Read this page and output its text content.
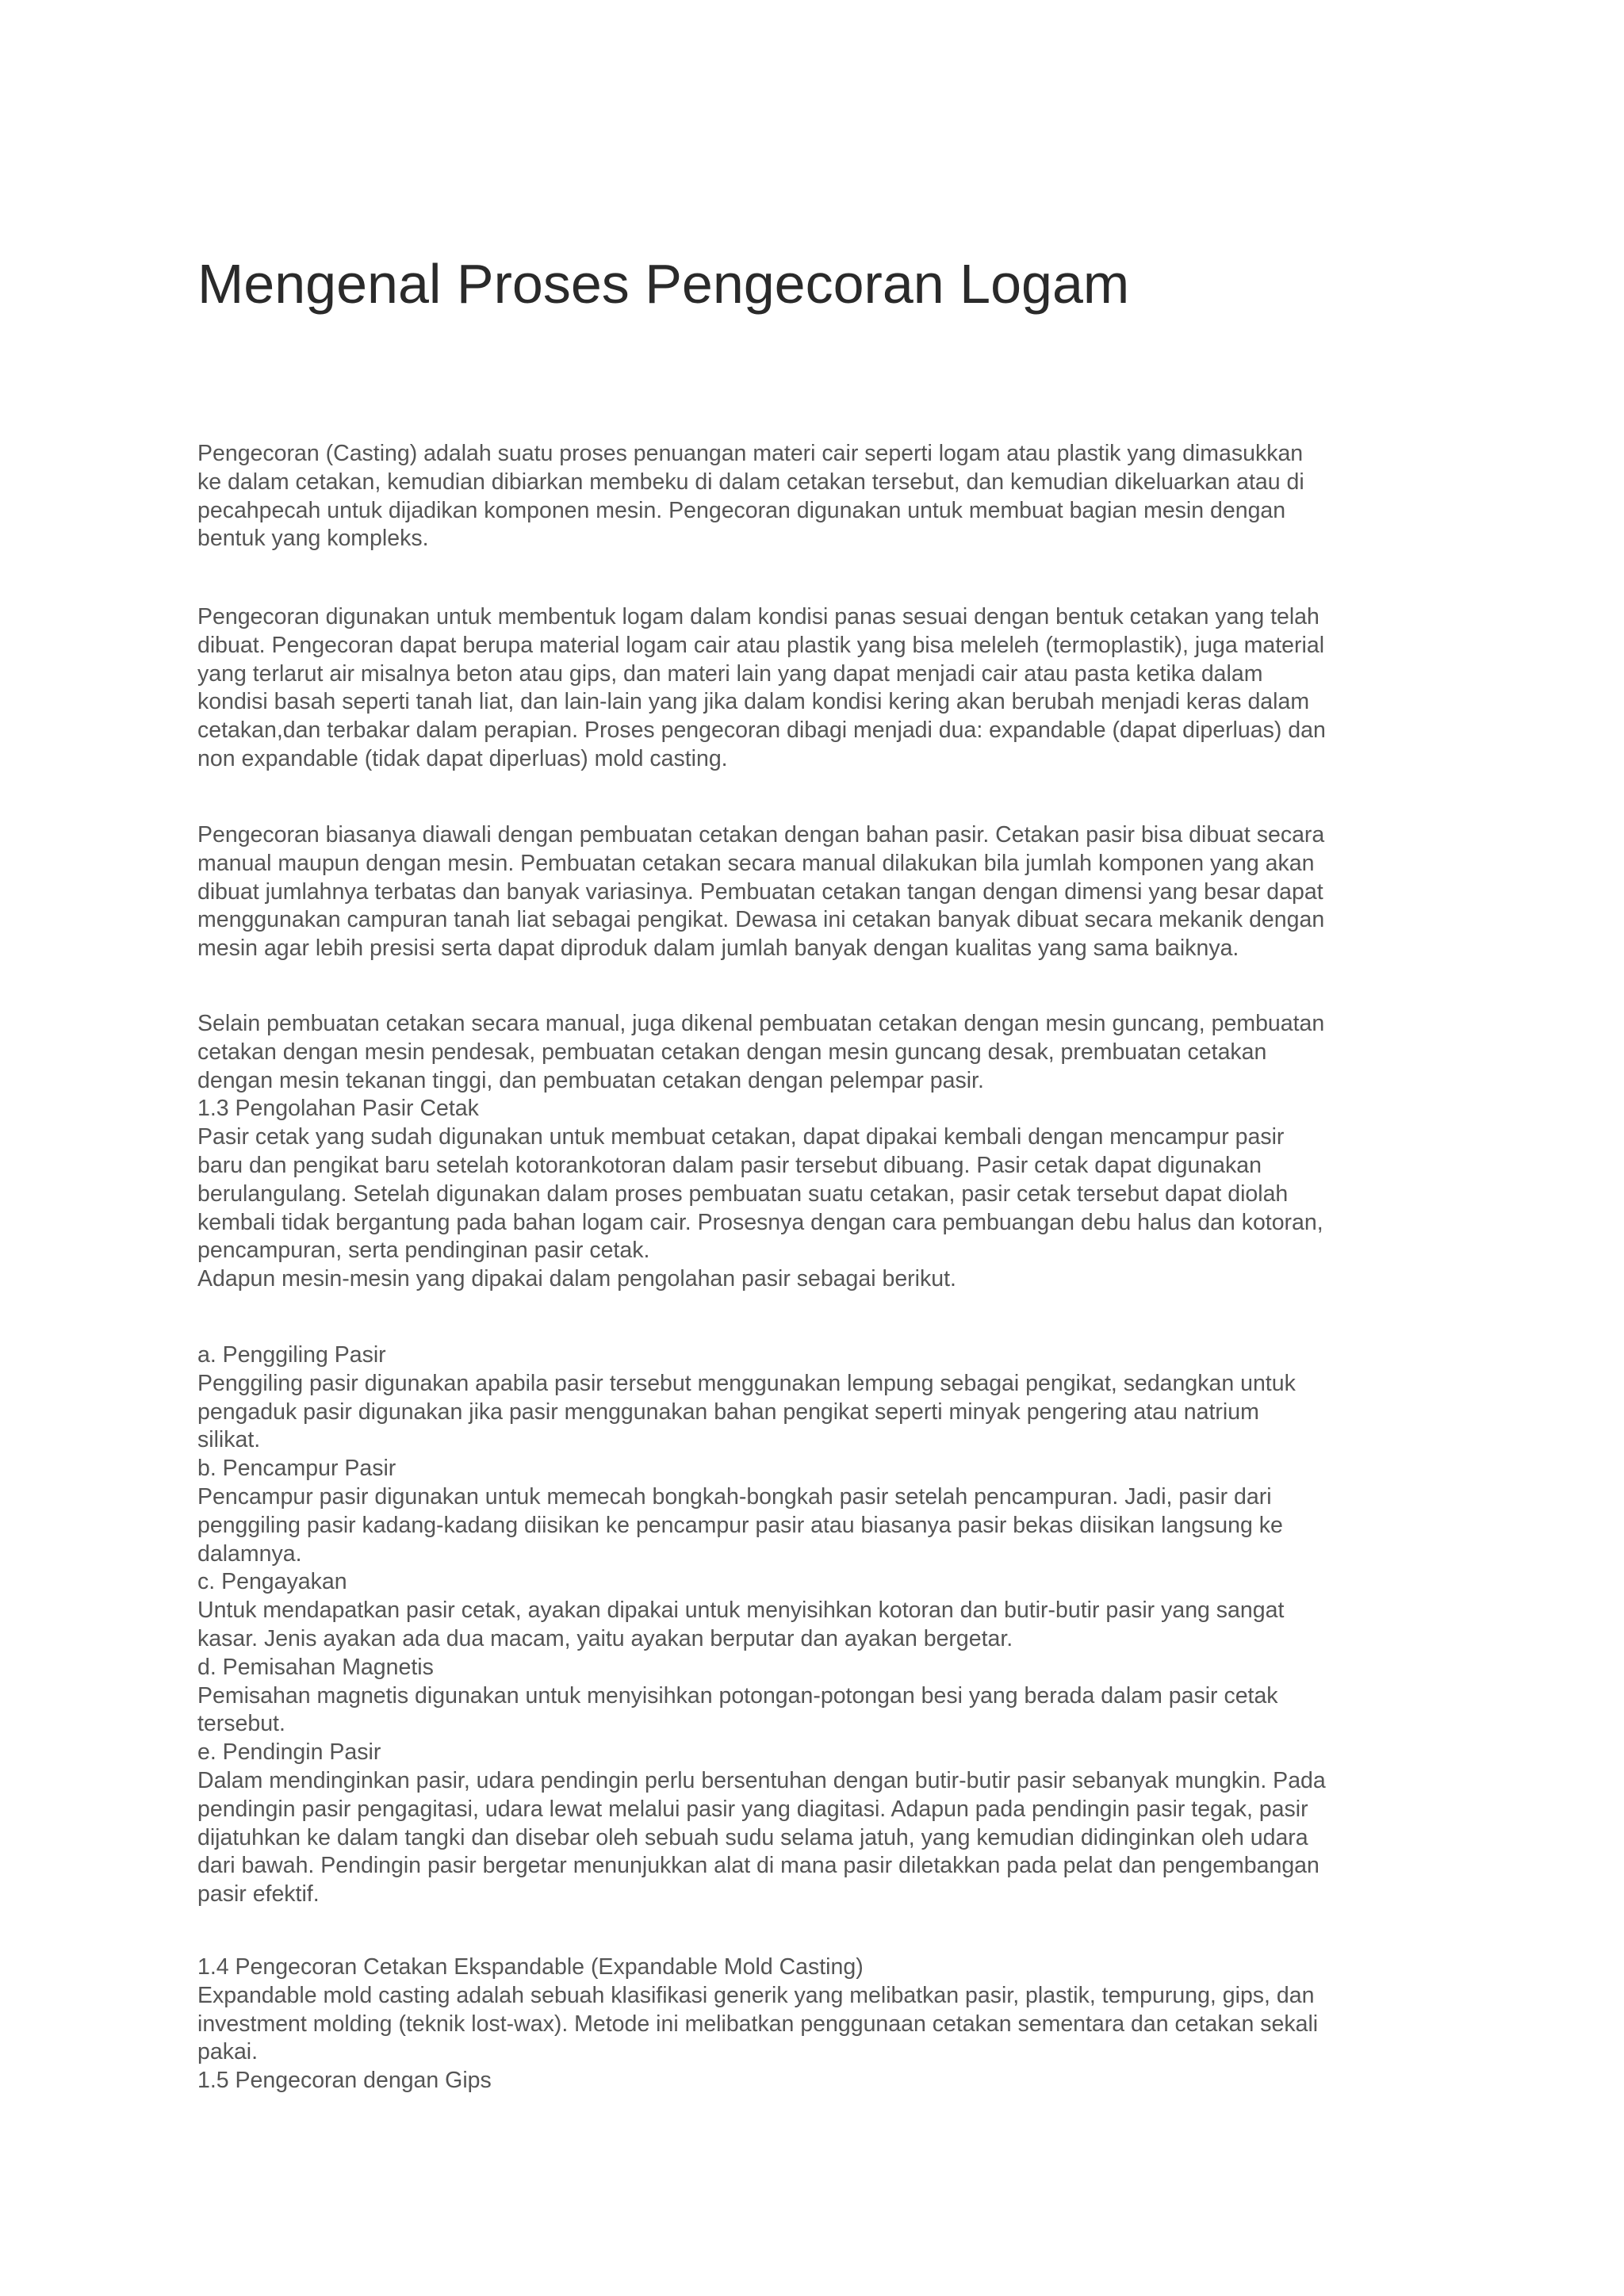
Mengenal Proses Pengecoran Logam
Pengecoran (Casting) adalah suatu proses penuangan materi cair seperti logam atau plastik yang dimasukkan
ke dalam cetakan, kemudian dibiarkan membeku di dalam cetakan tersebut, dan kemudian dikeluarkan atau di
pecahpecah untuk dijadikan komponen mesin. Pengecoran digunakan untuk membuat bagian mesin dengan
bentuk yang kompleks.
Pengecoran digunakan untuk membentuk logam dalam kondisi panas sesuai dengan bentuk cetakan yang telah
dibuat. Pengecoran dapat berupa material logam cair atau plastik yang bisa meleleh (termoplastik), juga material
yang terlarut air misalnya beton atau gips, dan materi lain yang dapat menjadi cair atau pasta ketika dalam
kondisi basah seperti tanah liat, dan lain-lain yang jika dalam kondisi kering akan berubah menjadi keras dalam
cetakan,dan terbakar dalam perapian. Proses pengecoran dibagi menjadi dua: expandable (dapat diperluas) dan
non expandable (tidak dapat diperluas) mold casting.
Pengecoran biasanya diawali dengan pembuatan cetakan dengan bahan pasir. Cetakan pasir bisa dibuat secara
manual maupun dengan mesin. Pembuatan cetakan secara manual dilakukan bila jumlah komponen yang akan
dibuat jumlahnya terbatas dan banyak variasinya. Pembuatan cetakan tangan dengan dimensi yang besar dapat
menggunakan campuran tanah liat sebagai pengikat. Dewasa ini cetakan banyak dibuat secara mekanik dengan
mesin agar lebih presisi serta dapat diproduk dalam jumlah banyak dengan kualitas yang sama baiknya.
Selain pembuatan cetakan secara manual, juga dikenal pembuatan cetakan dengan mesin guncang, pembuatan
cetakan dengan mesin pendesak, pembuatan cetakan dengan mesin guncang desak, prembuatan cetakan
dengan mesin tekanan tinggi, dan pembuatan cetakan dengan pelempar pasir.
1.3 Pengolahan Pasir Cetak
Pasir cetak yang sudah digunakan untuk membuat cetakan, dapat dipakai kembali dengan mencampur pasir
baru dan pengikat baru setelah kotorankotoran dalam pasir tersebut dibuang. Pasir cetak dapat digunakan
berulangulang. Setelah digunakan dalam proses pembuatan suatu cetakan, pasir cetak tersebut dapat diolah
kembali tidak bergantung pada bahan logam cair. Prosesnya dengan cara pembuangan debu halus dan kotoran,
pencampuran, serta pendinginan pasir cetak.
Adapun mesin-mesin yang dipakai dalam pengolahan pasir sebagai berikut.
a. Penggiling Pasir
Penggiling pasir digunakan apabila pasir tersebut menggunakan lempung sebagai pengikat, sedangkan untuk
pengaduk pasir digunakan jika pasir menggunakan bahan pengikat seperti minyak pengering atau natrium
silikat.
b. Pencampur Pasir
Pencampur pasir digunakan untuk memecah bongkah-bongkah pasir setelah pencampuran. Jadi, pasir dari
penggiling pasir kadang-kadang diisikan ke pencampur pasir atau biasanya pasir bekas diisikan langsung ke
dalamnya.
c. Pengayakan
Untuk mendapatkan pasir cetak, ayakan dipakai untuk menyisihkan kotoran dan butir-butir pasir yang sangat
kasar. Jenis ayakan ada dua macam, yaitu ayakan berputar dan ayakan bergetar.
d. Pemisahan Magnetis
Pemisahan magnetis digunakan untuk menyisihkan potongan-potongan besi yang berada dalam pasir cetak
tersebut.
e. Pendingin Pasir
Dalam mendinginkan pasir, udara pendingin perlu bersentuhan dengan butir-butir pasir sebanyak mungkin. Pada
pendingin pasir pengagitasi, udara lewat melalui pasir yang diagitasi. Adapun pada pendingin pasir tegak, pasir
dijatuhkan ke dalam tangki dan disebar oleh sebuah sudu selama jatuh, yang kemudian didinginkan oleh udara
dari bawah. Pendingin pasir bergetar menunjukkan alat di mana pasir diletakkan pada pelat dan pengembangan
pasir efektif.
1.4 Pengecoran Cetakan Ekspandable (Expandable Mold Casting)
Expandable mold casting adalah sebuah klasifikasi generik yang melibatkan pasir, plastik, tempurung, gips, dan
investment molding (teknik lost-wax). Metode ini melibatkan penggunaan cetakan sementara dan cetakan sekali
pakai.
1.5 Pengecoran dengan Gips
